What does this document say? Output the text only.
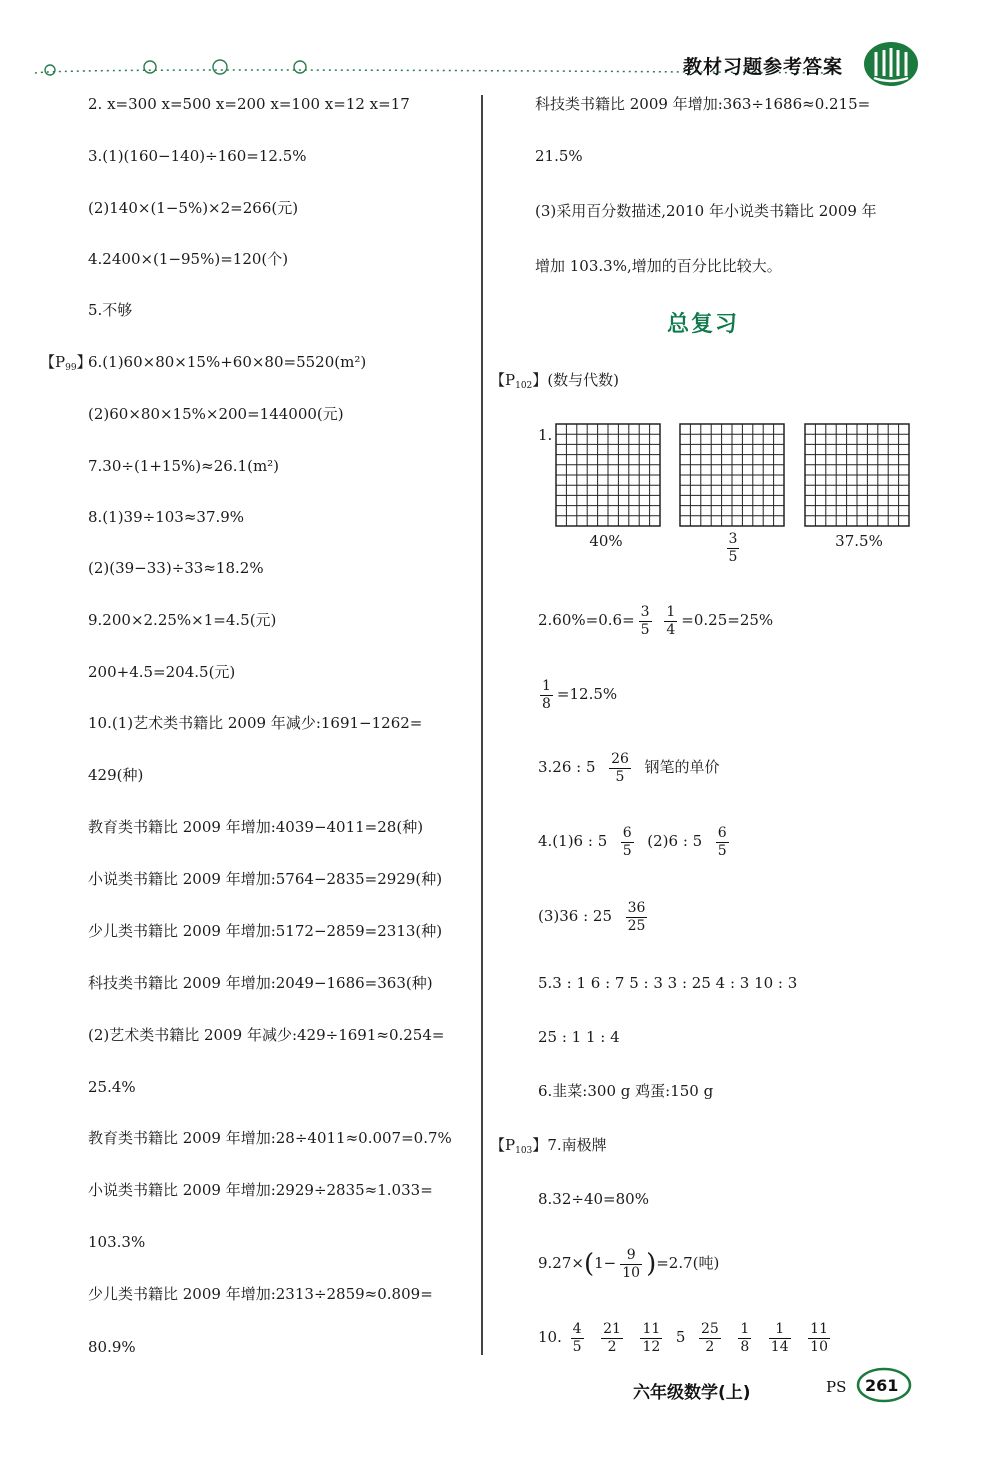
教材习题参考答案
2. x=300 x=500 x=200 x=100 x=12 x=17
3.(1)(160−140)÷160=12.5%
(2)140×(1−5%)×2=266(元)
4.2400×(1−95%)=120(个)
5.不够
【$P_{99}$】
6.(1)60×80×15%+60×80=5520(m²)
(2)60×80×15%×200=144000(元)
7.30÷(1+15%)≈26.1(m²)
8.(1)39÷103≈37.9%
(2)(39−33)÷33≈18.2%
9.200×2.25%×1=4.5(元)
200+4.5=204.5(元)
10.(1)艺术类书籍比 2009 年减少:1691−1262=
429(种)
教育类书籍比 2009 年增加:4039−4011=28(种)
小说类书籍比 2009 年增加:5764−2835=2929(种)
少儿类书籍比 2009 年增加:5172−2859=2313(种)
科技类书籍比 2009 年增加:2049−1686=363(种)
(2)艺术类书籍比 2009 年减少:429÷1691≈0.254=
25.4%
教育类书籍比 2009 年增加:28÷4011≈0.007=0.7%
小说类书籍比 2009 年增加:2929÷2835≈1.033=
103.3%
少儿类书籍比 2009 年增加:2313÷2859≈0.809=
80.9%
科技类书籍比 2009 年增加:363÷1686≈0.215=
21.5%
(3)采用百分数描述,2010 年小说类书籍比 2009 年
增加 103.3%,增加的百分比比较大。
总复习
【$P_{102}$】(数与代数)
1.
40%	$\frac{3}{5}$	37.5%
$2.60\%=0.6= \frac{3}{5}$
$\frac{1}{4} =0.25=25\%$
$\frac{1}{8} =12.5\%$
3.26 : $5 \frac{26}{5}$ 钢笔的单价
4.(1)6 : $5 \frac{6}{5} (2)6$ : $5 \frac{6}{5}$
(3)36 : $25 \frac{36}{25}$
5.3 : 1 6 : 7 5 : 3 3 : 25 4 : 3 10 : 3
25 : 1 1 : 4
6.韭菜:300 g 鸡蛋:150 g
【$P_{103}$】7.南极牌
8.32÷40=80%
$9.27\times(1- \frac{9}{10} )=2.7$(吨)
10. $\frac{4}{5}$
$\frac{21}{2}$
$\frac{11}{12} 5 \frac{25}{2}$
$\frac{1}{8}$
$\frac{1}{14}$
$\frac{11}{10}$
六年级数学(上)	PS 261
